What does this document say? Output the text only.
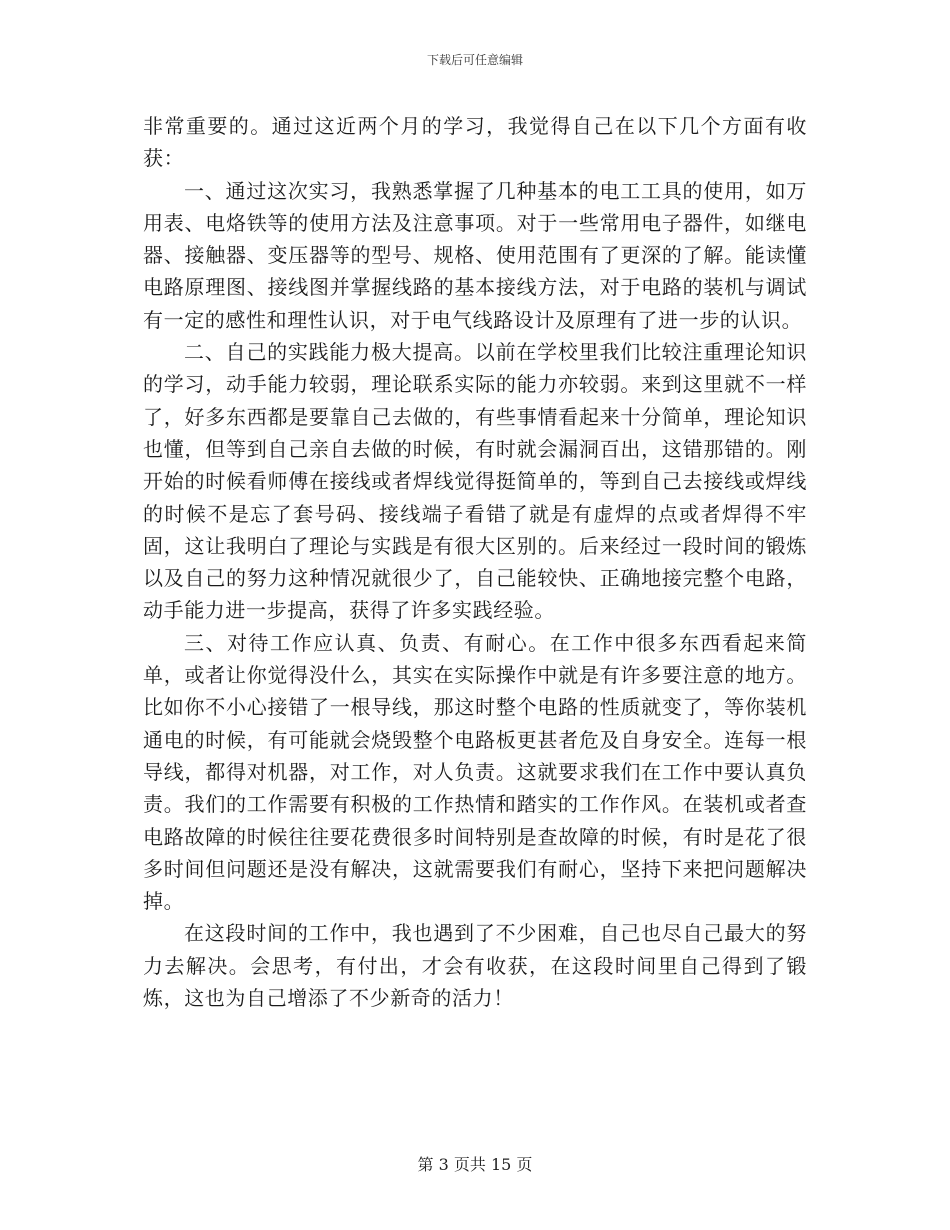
下载后可任意编辑

非常重要的。通过这近两个月的学习，我觉得自己在以下几个方面有收获：

一、通过这次实习，我熟悉掌握了几种基本的电工工具的使用，如万用表、电烙铁等的使用方法及注意事项。对于一些常用电子器件，如继电器、接触器、变压器等的型号、规格、使用范围有了更深的了解。能读懂电路原理图、接线图并掌握线路的基本接线方法，对于电路的装机与调试有一定的感性和理性认识，对于电气线路设计及原理有了进一步的认识。

二、自己的实践能力极大提高。以前在学校里我们比较注重理论知识的学习，动手能力较弱，理论联系实际的能力亦较弱。来到这里就不一样了，好多东西都是要靠自己去做的，有些事情看起来十分简单，理论知识也懂，但等到自己亲自去做的时候，有时就会漏洞百出，这错那错的。刚开始的时候看师傅在接线或者焊线觉得挺简单的，等到自己去接线或焊线的时候不是忘了套号码、接线端子看错了就是有虚焊的点或者焊得不牢固，这让我明白了理论与实践是有很大区别的。后来经过一段时间的锻炼以及自己的努力这种情况就很少了，自己能较快、正确地接完整个电路，动手能力进一步提高，获得了许多实践经验。

三、对待工作应认真、负责、有耐心。在工作中很多东西看起来简单，或者让你觉得没什么，其实在实际操作中就是有许多要注意的地方。比如你不小心接错了一根导线，那这时整个电路的性质就变了，等你装机通电的时候，有可能就会烧毁整个电路板更甚者危及自身安全。连每一根导线，都得对机器，对工作，对人负责。这就要求我们在工作中要认真负责。我们的工作需要有积极的工作热情和踏实的工作作风。在装机或者查电路故障的时候往往要花费很多时间特别是查故障的时候，有时是花了很多时间但问题还是没有解决，这就需要我们有耐心，坚持下来把问题解决掉。

在这段时间的工作中，我也遇到了不少困难，自己也尽自己最大的努力去解决。会思考，有付出，才会有收获，在这段时间里自己得到了锻炼，这也为自己增添了不少新奇的活力！

第 3 页共 15 页
